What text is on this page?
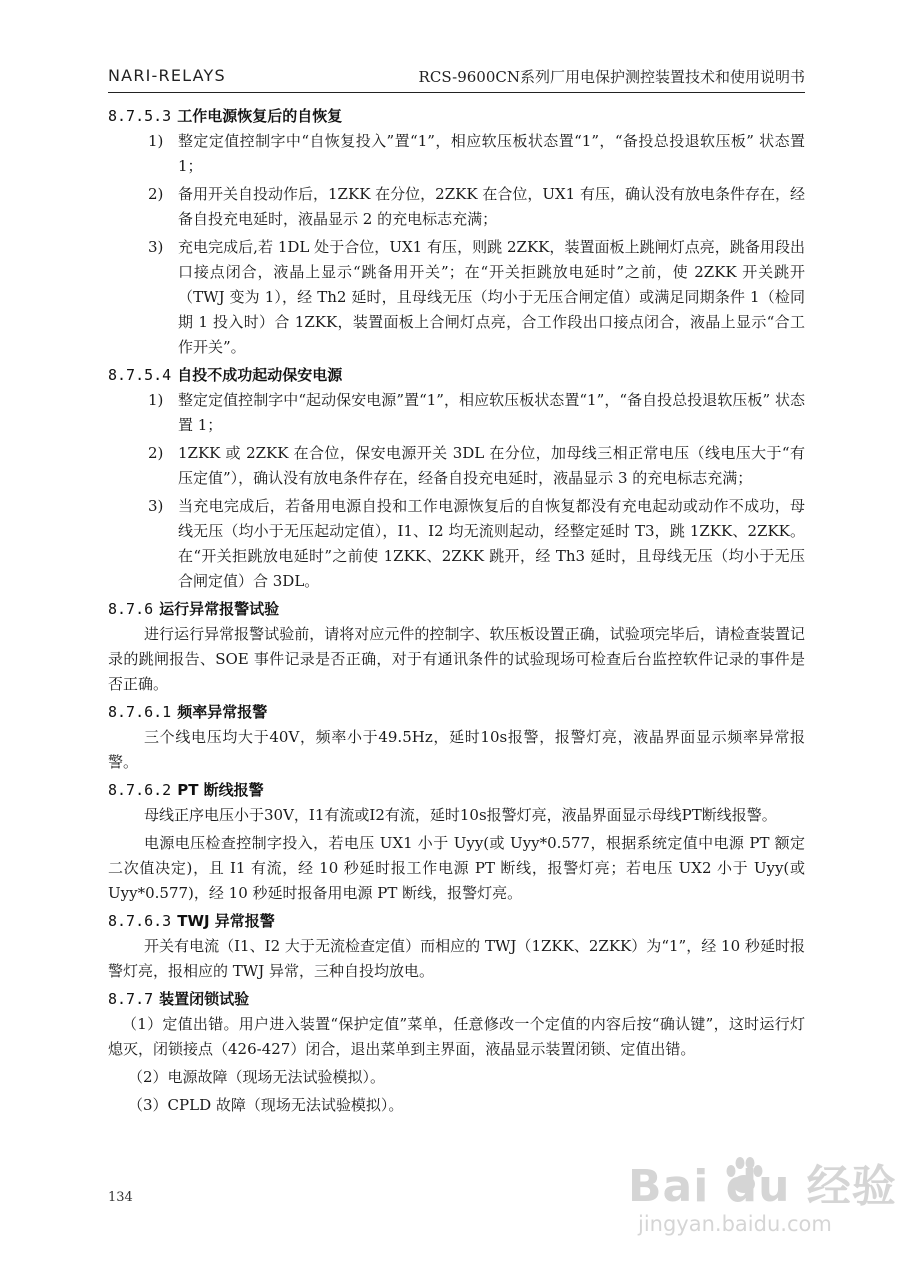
NARI-RELAYS	RCS-9600CN系列厂用电保护测控装置技术和使用说明书
8.7.5.3 工作电源恢复后的自恢复
1) 整定定值控制字中“自恢复投入”置“1”，相应软压板状态置“1”，“备投总投退软压板” 状态置 1；
2) 备用开关自投动作后，1ZKK 在分位，2ZKK 在合位，UX1 有压，确认没有放电条件存在，经备自投充电延时，液晶显示 2 的充电标志充满；
3) 充电完成后,若 1DL 处于合位，UX1 有压，则跳 2ZKK，装置面板上跳闸灯点亮，跳备用段出口接点闭合，液晶上显示“跳备用开关”；在“开关拒跳放电延时”之前，使 2ZKK 开关跳开（TWJ 变为 1），经 Th2 延时，且母线无压（均小于无压合闸定值）或满足同期条件 1（检同期 1 投入时）合 1ZKK，装置面板上合闸灯点亮，合工作段出口接点闭合，液晶上显示“合工作开关”。
8.7.5.4 自投不成功起动保安电源
1) 整定定值控制字中“起动保安电源”置“1”，相应软压板状态置“1”，“备自投总投退软压板” 状态置 1；
2) 1ZKK 或 2ZKK 在合位，保安电源开关 3DL 在分位，加母线三相正常电压（线电压大于“有压定值”），确认没有放电条件存在，经备自投充电延时，液晶显示 3 的充电标志充满；
3) 当充电完成后，若备用电源自投和工作电源恢复后的自恢复都没有充电起动或动作不成功，母线无压（均小于无压起动定值），I1、I2 均无流则起动，经整定延时 T3，跳 1ZKK、2ZKK。在“开关拒跳放电延时”之前使 1ZKK、2ZKK 跳开，经 Th3 延时，且母线无压（均小于无压合闸定值）合 3DL。
8.7.6 运行异常报警试验

进行运行异常报警试验前，请将对应元件的控制字、软压板设置正确，试验项完毕后，请检查装置记录的跳闸报告、SOE 事件记录是否正确，对于有通讯条件的试验现场可检查后台监控软件记录的事件是否正确。

8.7.6.1 频率异常报警

三个线电压均大于40V，频率小于49.5Hz，延时10s报警，报警灯亮，液晶界面显示频率异常报警。

8.7.6.2 PT 断线报警

母线正序电压小于30V，I1有流或I2有流，延时10s报警灯亮，液晶界面显示母线PT断线报警。

电源电压检查控制字投入，若电压 UX1 小于 Uyy(或 Uyy*0.577，根据系统定值中电源 PT 额定二次值决定)，且 I1 有流，经 10 秒延时报工作电源 PT 断线，报警灯亮；若电压 UX2 小于 Uyy(或 Uyy*0.577)，经 10 秒延时报备用电源 PT 断线，报警灯亮。

8.7.6.3 TWJ 异常报警

开关有电流（I1、I2 大于无流检查定值）而相应的 TWJ（1ZKK、2ZKK）为“1”，经 10 秒延时报警灯亮，报相应的 TWJ 异常，三种自投均放电。

8.7.7 装置闭锁试验

（1）定值出错。用户进入装置“保护定值”菜单，任意修改一个定值的内容后按“确认键”，这时运行灯熄灭，闭锁接点（426-427）闭合，退出菜单到主界面，液晶显示装置闭锁、定值出错。

（2）电源故障（现场无法试验模拟）。

（3）CPLD 故障（现场无法试验模拟）。

134	Bai du 经验
jingyan.baidu.com
